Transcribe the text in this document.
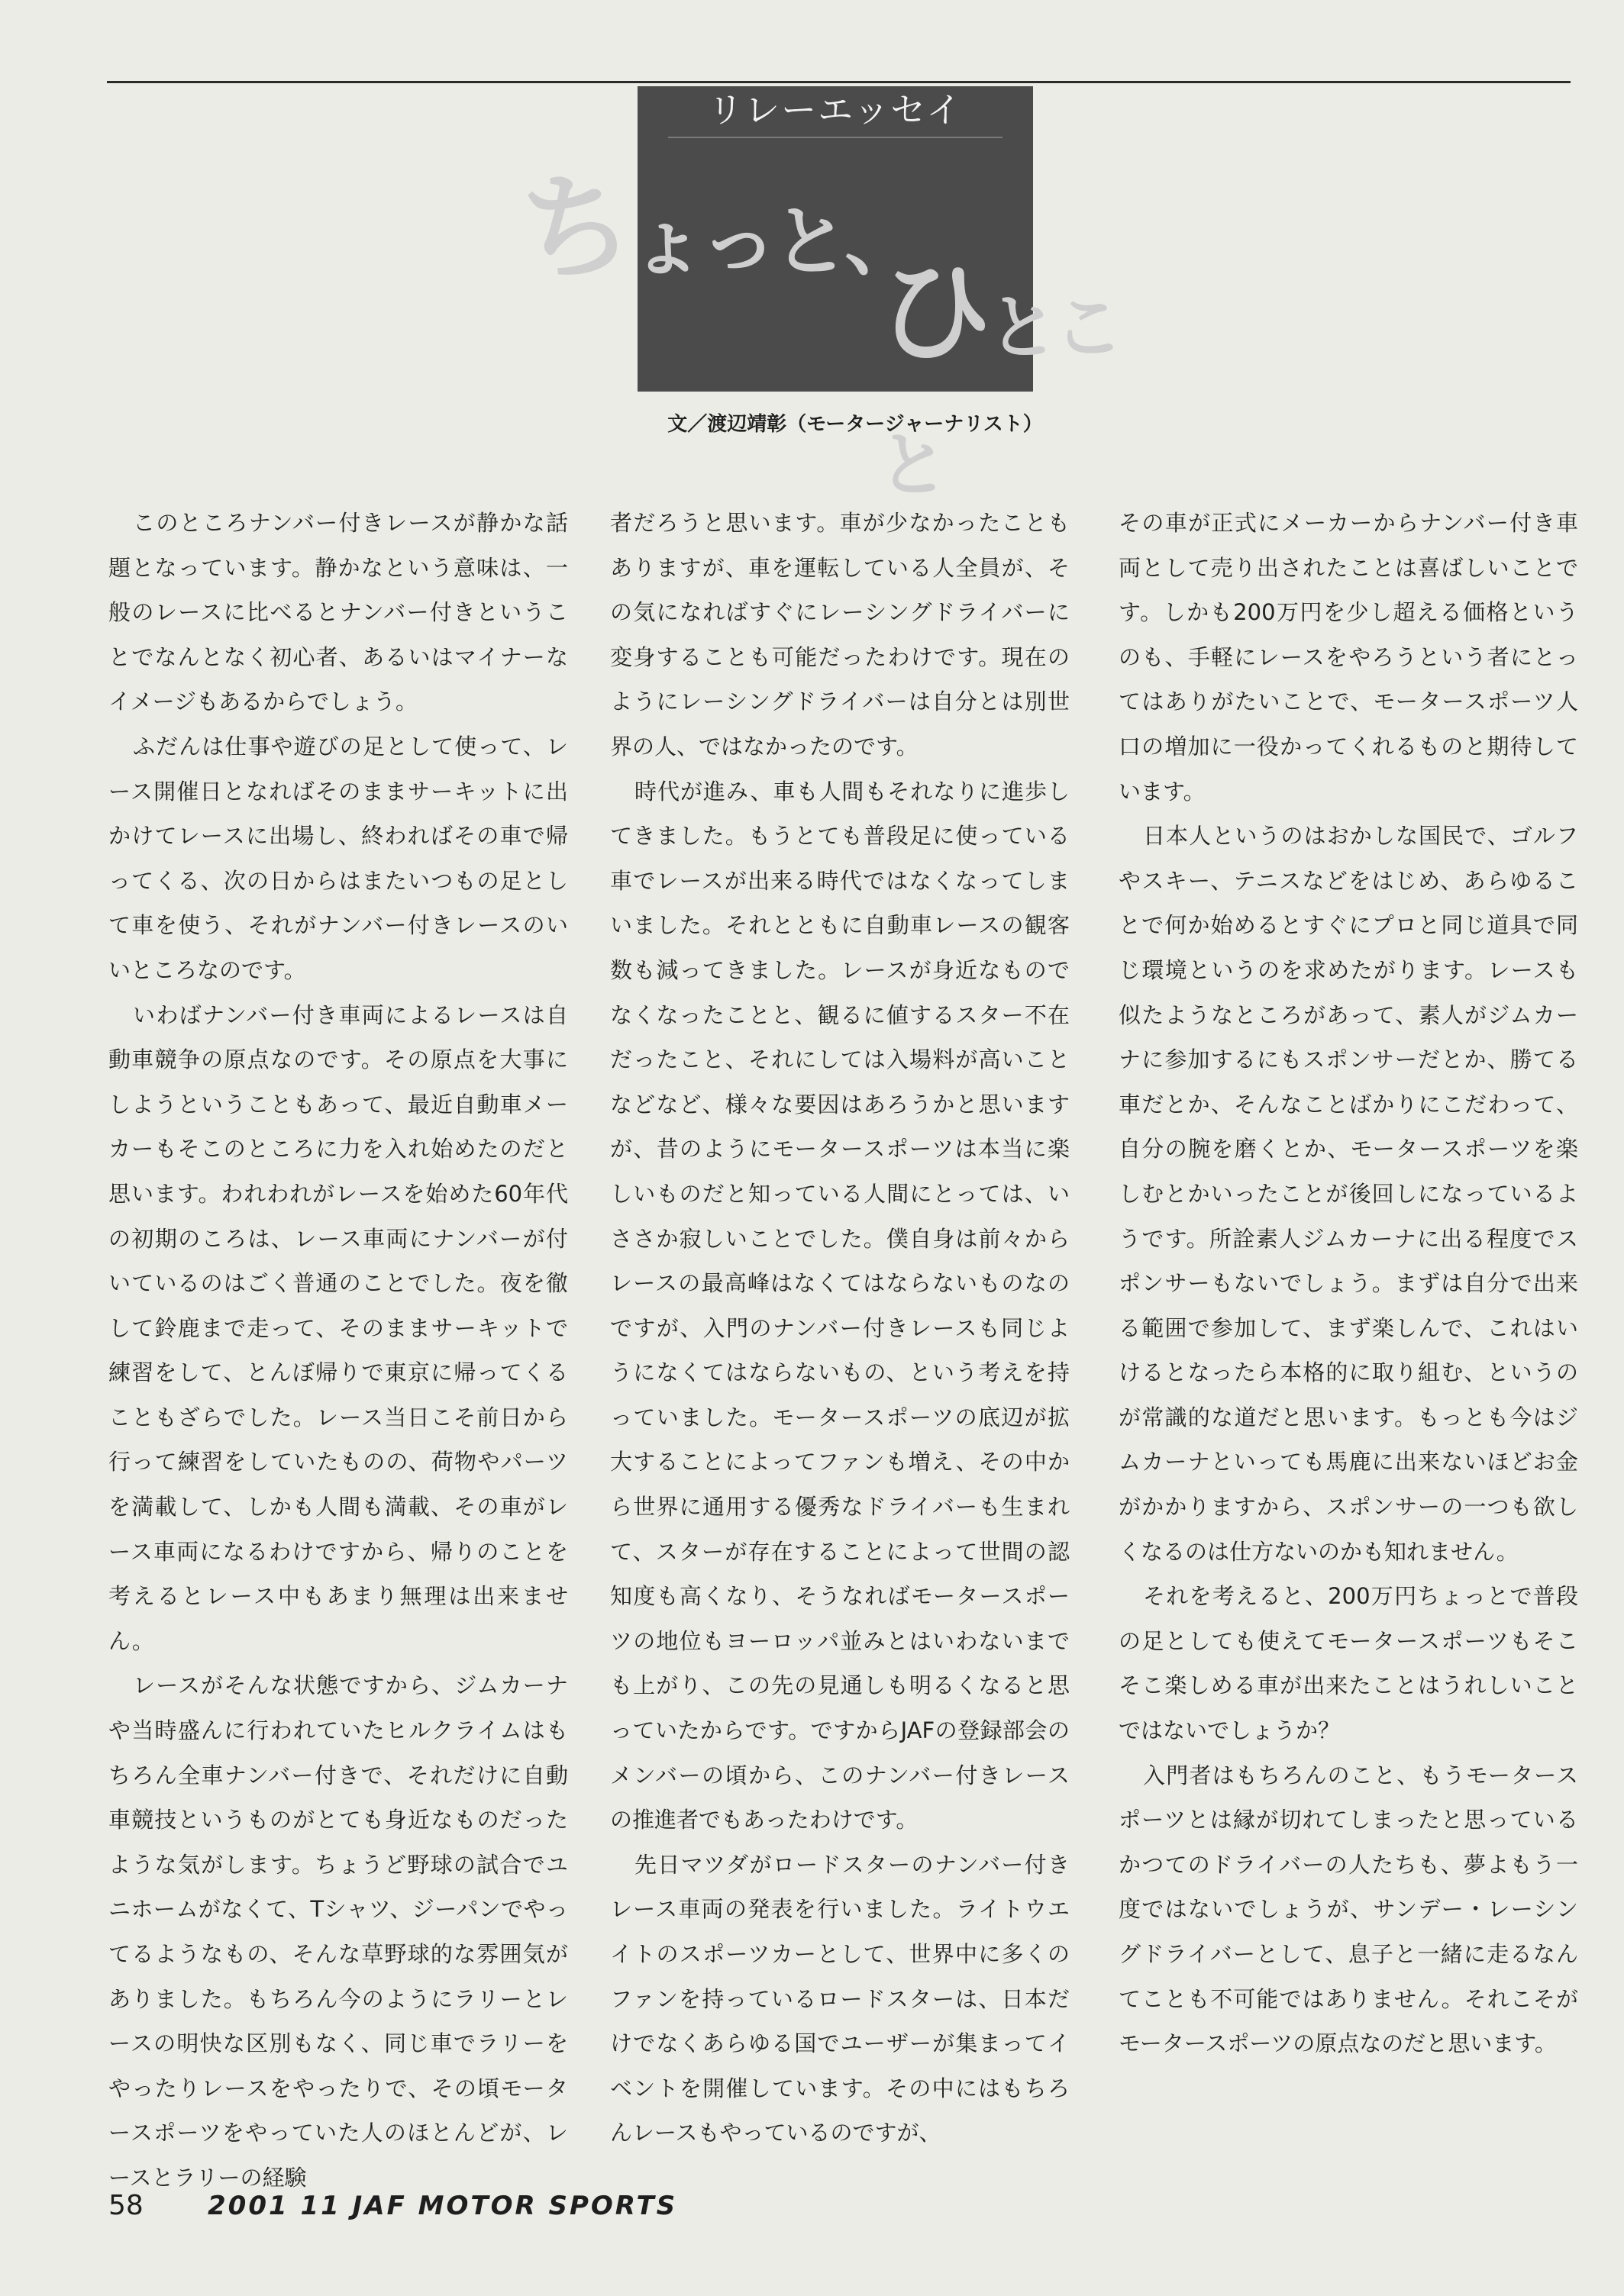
リレーエッセイ
ちょっと、
ひとこと
文／渡辺靖彰（モータージャーナリスト）

このところナンバー付きレースが静かな話題となっています。静かなという意味は、一般のレースに比べるとナンバー付きということでなんとなく初心者、あるいはマイナーなイメージもあるからでしょう。

ふだんは仕事や遊びの足として使って、レース開催日となればそのままサーキットに出かけてレースに出場し、終わればその車で帰ってくる、次の日からはまたいつもの足として車を使う、それがナンバー付きレースのいいところなのです。

いわばナンバー付き車両によるレースは自動車競争の原点なのです。その原点を大事にしようということもあって、最近自動車メーカーもそこのところに力を入れ始めたのだと思います。われわれがレースを始めた60年代の初期のころは、レース車両にナンバーが付いているのはごく普通のことでした。夜を徹して鈴鹿まで走って、そのままサーキットで練習をして、とんぼ帰りで東京に帰ってくることもざらでした。レース当日こそ前日から行って練習をしていたものの、荷物やパーツを満載して、しかも人間も満載、その車がレース車両になるわけですから、帰りのことを考えるとレース中もあまり無理は出来ません。

レースがそんな状態ですから、ジムカーナや当時盛んに行われていたヒルクライムはもちろん全車ナンバー付きで、それだけに自動車競技というものがとても身近なものだったような気がします。ちょうど野球の試合でユニホームがなくて、Tシャツ、ジーパンでやってるようなもの、そんな草野球的な雰囲気がありました。もちろん今のようにラリーとレースの明快な区別もなく、同じ車でラリーをやったりレースをやったりで、その頃モータースポーツをやっていた人のほとんどが、レースとラリーの経験

者だろうと思います。車が少なかったこともありますが、車を運転している人全員が、その気になればすぐにレーシングドライバーに変身することも可能だったわけです。現在のようにレーシングドライバーは自分とは別世界の人、ではなかったのです。

時代が進み、車も人間もそれなりに進歩してきました。もうとても普段足に使っている車でレースが出来る時代ではなくなってしまいました。それとともに自動車レースの観客数も減ってきました。レースが身近なものでなくなったことと、観るに値するスター不在だったこと、それにしては入場料が高いことなどなど、様々な要因はあろうかと思いますが、昔のようにモータースポーツは本当に楽しいものだと知っている人間にとっては、いささか寂しいことでした。僕自身は前々からレースの最高峰はなくてはならないものなのですが、入門のナンバー付きレースも同じようになくてはならないもの、という考えを持っていました。モータースポーツの底辺が拡大することによってファンも増え、その中から世界に通用する優秀なドライバーも生まれて、スターが存在することによって世間の認知度も高くなり、そうなればモータースポーツの地位もヨーロッパ並みとはいわないまでも上がり、この先の見通しも明るくなると思っていたからです。ですからJAFの登録部会のメンバーの頃から、このナンバー付きレースの推進者でもあったわけです。

先日マツダがロードスターのナンバー付きレース車両の発表を行いました。ライトウエイトのスポーツカーとして、世界中に多くのファンを持っているロードスターは、日本だけでなくあらゆる国でユーザーが集まってイベントを開催しています。その中にはもちろんレースもやっているのですが、

その車が正式にメーカーからナンバー付き車両として売り出されたことは喜ばしいことです。しかも200万円を少し超える価格というのも、手軽にレースをやろうという者にとってはありがたいことで、モータースポーツ人口の増加に一役かってくれるものと期待しています。

日本人というのはおかしな国民で、ゴルフやスキー、テニスなどをはじめ、あらゆることで何か始めるとすぐにプロと同じ道具で同じ環境というのを求めたがります。レースも似たようなところがあって、素人がジムカーナに参加するにもスポンサーだとか、勝てる車だとか、そんなことばかりにこだわって、自分の腕を磨くとか、モータースポーツを楽しむとかいったことが後回しになっているようです。所詮素人ジムカーナに出る程度でスポンサーもないでしょう。まずは自分で出来る範囲で参加して、まず楽しんで、これはいけるとなったら本格的に取り組む、というのが常識的な道だと思います。もっとも今はジムカーナといっても馬鹿に出来ないほどお金がかかりますから、スポンサーの一つも欲しくなるのは仕方ないのかも知れません。

それを考えると、200万円ちょっとで普段の足としても使えてモータースポーツもそこそこ楽しめる車が出来たことはうれしいことではないでしょうか？

入門者はもちろんのこと、もうモータースポーツとは縁が切れてしまったと思っているかつてのドライバーの人たちも、夢よもう一度ではないでしょうが、サンデー・レーシングドライバーとして、息子と一緒に走るなんてことも不可能ではありません。それこそがモータースポーツの原点なのだと思います。

58 2001 11 JAF MOTOR SPORTS
